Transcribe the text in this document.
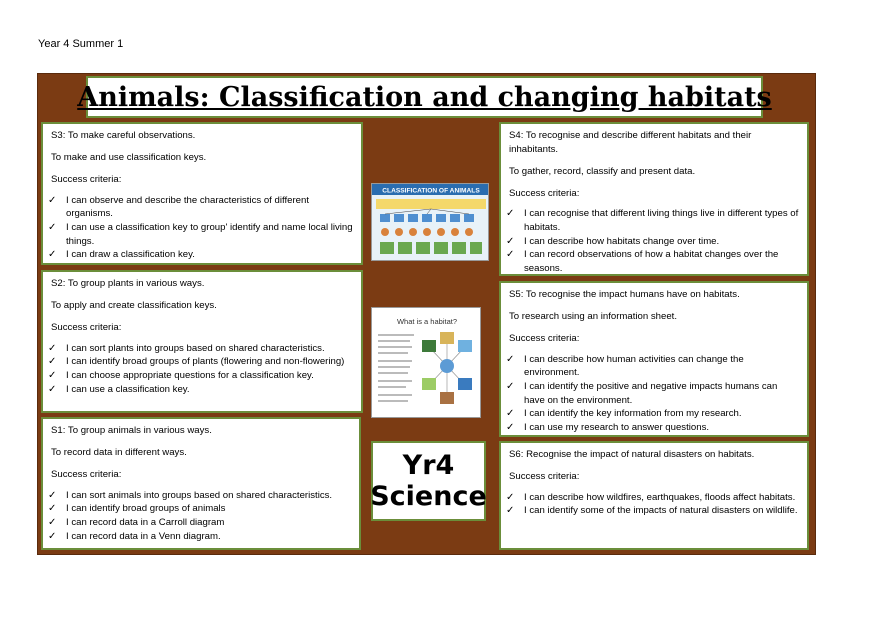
Year 4 Summer 1
Animals: Classification and changing habitats

S3: To make careful observations.

To make and use classification keys.

Success criteria:

✓ I can observe and describe the characteristics of different organisms.
✓ I can use a classification key to group' identify and name local living things.
✓ I can draw a classification key.

S2: To group plants in various ways.

To apply and create classification keys.

Success criteria:

✓ I can sort plants into groups based on shared characteristics.
✓ I can identify broad groups of plants (flowering and non-flowering)
✓ I can choose appropriate questions for a classification key.
✓ I can use a classification key.

S1: To group animals in various ways.

To record data in different ways.

Success criteria:

✓ I can sort animals into groups based on shared characteristics.
✓ I can identify broad groups of animals
✓ I can record data in a Carroll diagram
✓ I can record data in a Venn diagram.

S4: To recognise and describe different habitats and their inhabitants.

To gather, record, classify and present data.

Success criteria:

✓ I can recognise that different living things live in different types of habitats.
✓ I can describe how habitats change over time.
✓ I can record observations of how a habitat changes over the seasons.

S5: To recognise the impact humans have on habitats.

To research using an information sheet.

Success criteria:

✓ I can describe how human activities can change the environment.
✓ I can identify the positive and negative impacts humans can have on the environment.
✓ I can identify the key information from my research.
✓ I can use my research to answer questions.

S6: Recognise the impact of natural disasters on habitats.

Success criteria:

✓ I can describe how wildfires, earthquakes, floods affect habitats.
✓ I can identify some of the impacts of natural disasters on wildlife.
CLASSIFICATION OF ANIMALS
What is a habitat?
Yr4
Science
